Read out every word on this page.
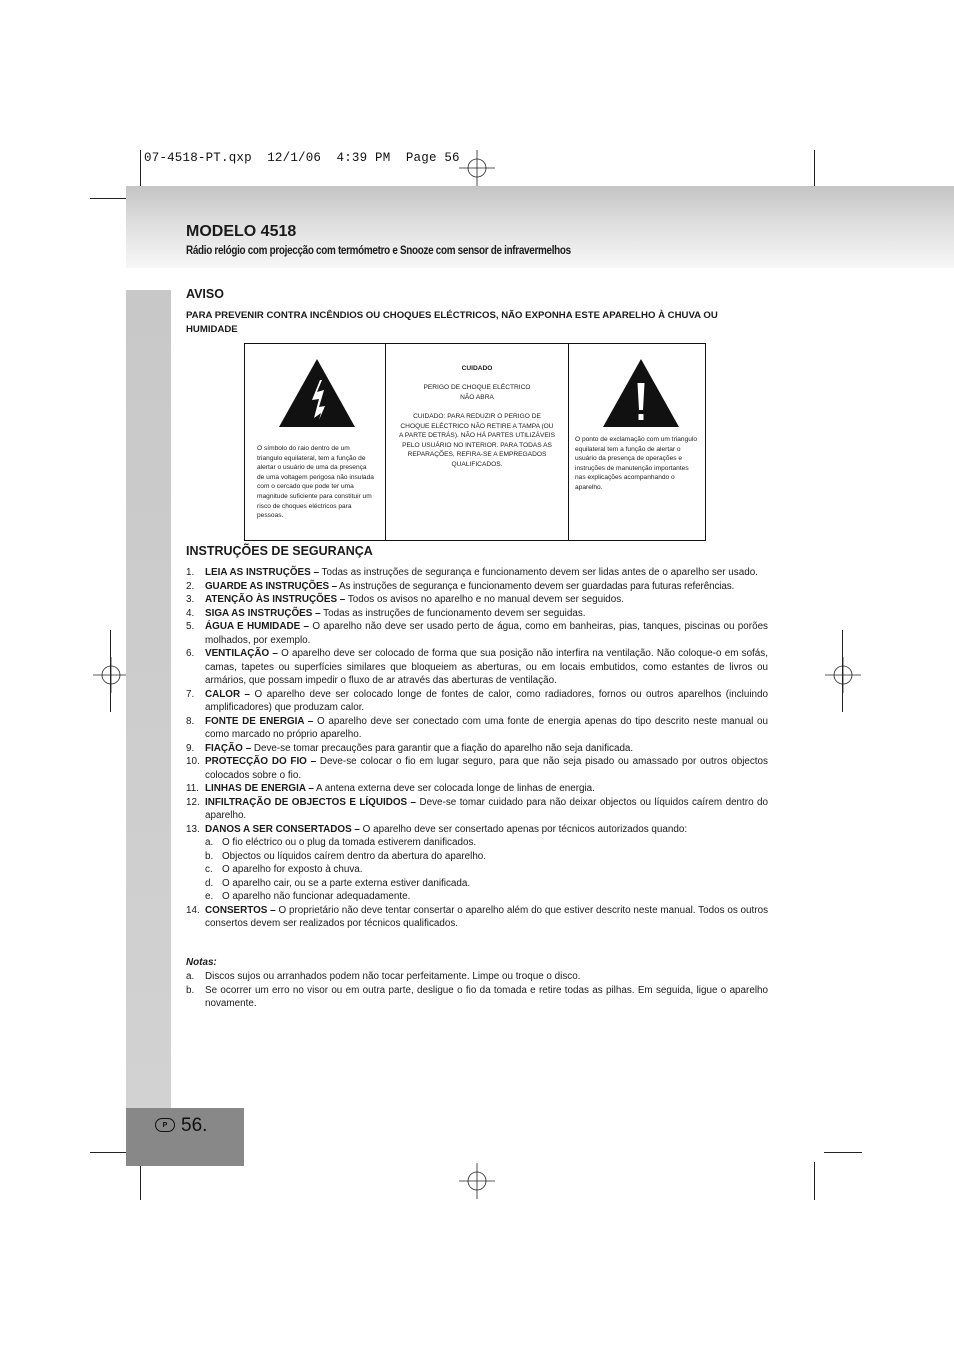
07-4518-PT.qxp  12/1/06  4:39 PM  Page 56
MODELO 4518
Rádio relógio com projecção com termómetro e Snooze com sensor de infravermelhos
AVISO
PARA PREVENIR CONTRA INCÊNDIOS OU CHOQUES ELÉCTRICOS, NÃO EXPONHA ESTE APARELHO À CHUVA OU HUMIDADE
O símbolo do raio dentro de um triangulo equilateral, tem a função de alertar o usuário de uma da presença de uma voltagem perigosa não insulada com o cercado que pode ter uma magnitude suficiente para constituir um risco de choques eléctricos para pessoas.
CUIDADO
PERIGO DE CHOQUE ELÉCTRICO
NÃO ABRA
CUIDADO: PARA REDUZIR O PERIGO DE CHOQUE ELÉCTRICO NÃO RETIRE A TAMPA (OU A PARTE DETRÁS). NÃO HÁ PARTES UTILIZÁVEIS PELO USUÁRIO NO INTERIOR. PARA TODAS AS REPARAÇÕES, REFIRA-SE A EMPREGADOS QUALIFICADOS.
O ponto de exclamação com um triangulo equilateral tem a função de alertar o usuário da presença de operações e instruções de manutenção importantes nas explicações acompanhando o aparelho.
INSTRUÇÕES DE SEGURANÇA
1.	LEIA AS INSTRUÇÕES – Todas as instruções de segurança e funcionamento devem ser lidas antes de o aparelho ser usado.
2.	GUARDE AS INSTRUÇÕES – As instruções de segurança e funcionamento devem ser guardadas para futuras referências.
3.	ATENÇÃO ÀS INSTRUÇÕES – Todos os avisos no aparelho e no manual devem ser seguidos.
4.	SIGA AS INSTRUÇÕES – Todas as instruções de funcionamento devem ser seguidas.
5.	ÁGUA E HUMIDADE – O aparelho não deve ser usado perto de água, como em banheiras, pias, tanques, piscinas ou porões molhados, por exemplo.
6.	VENTILAÇÃO – O aparelho deve ser colocado de forma que sua posição não interfira na ventilação. Não coloque-o em sofás, camas, tapetes ou superfícies similares que bloqueiem as aberturas, ou em locais embutidos, como estantes de livros ou armários, que possam impedir o fluxo de ar através das aberturas de ventilação.
7.	CALOR – O aparelho deve ser colocado longe de fontes de calor, como radiadores, fornos ou outros aparelhos (incluindo amplificadores) que produzam calor.
8.	FONTE DE ENERGIA – O aparelho deve ser conectado com uma fonte de energia apenas do tipo descrito neste manual ou como marcado no próprio aparelho.
9.	FIAÇÃO – Deve-se tomar precauções para garantir que a fiação do aparelho não seja danificada.
10. PROTECÇÃO DO FIO – Deve-se colocar o fio em lugar seguro, para que não seja pisado ou amassado por outros objectos colocados sobre o fio.
11. LINHAS DE ENERGIA – A antena externa deve ser colocada longe de linhas de energia.
12. INFILTRAÇÃO DE OBJECTOS E LÍQUIDOS – Deve-se tomar cuidado para não deixar objectos ou líquidos caírem dentro do aparelho.
13. DANOS A SER CONSERTADOS – O aparelho deve ser consertado apenas por técnicos autorizados quando:
a. O fio eléctrico ou o plug da tomada estiverem danificados.
b. Objectos ou líquidos caírem dentro da abertura do aparelho.
c. O aparelho for exposto à chuva.
d. O aparelho cair, ou se a parte externa estiver danificada.
e. O aparelho não funcionar adequadamente.
14. CONSERTOS – O proprietário não deve tentar consertar o aparelho além do que estiver descrito neste manual. Todos os outros consertos devem ser realizados por técnicos qualificados.
Notas:
a.	Discos sujos ou arranhados podem não tocar perfeitamente. Limpe ou troque o disco.
b.	Se ocorrer um erro no visor ou em outra parte, desligue o fio da tomada e retire todas as pilhas. Em seguida, ligue o aparelho novamente.
P 56.
